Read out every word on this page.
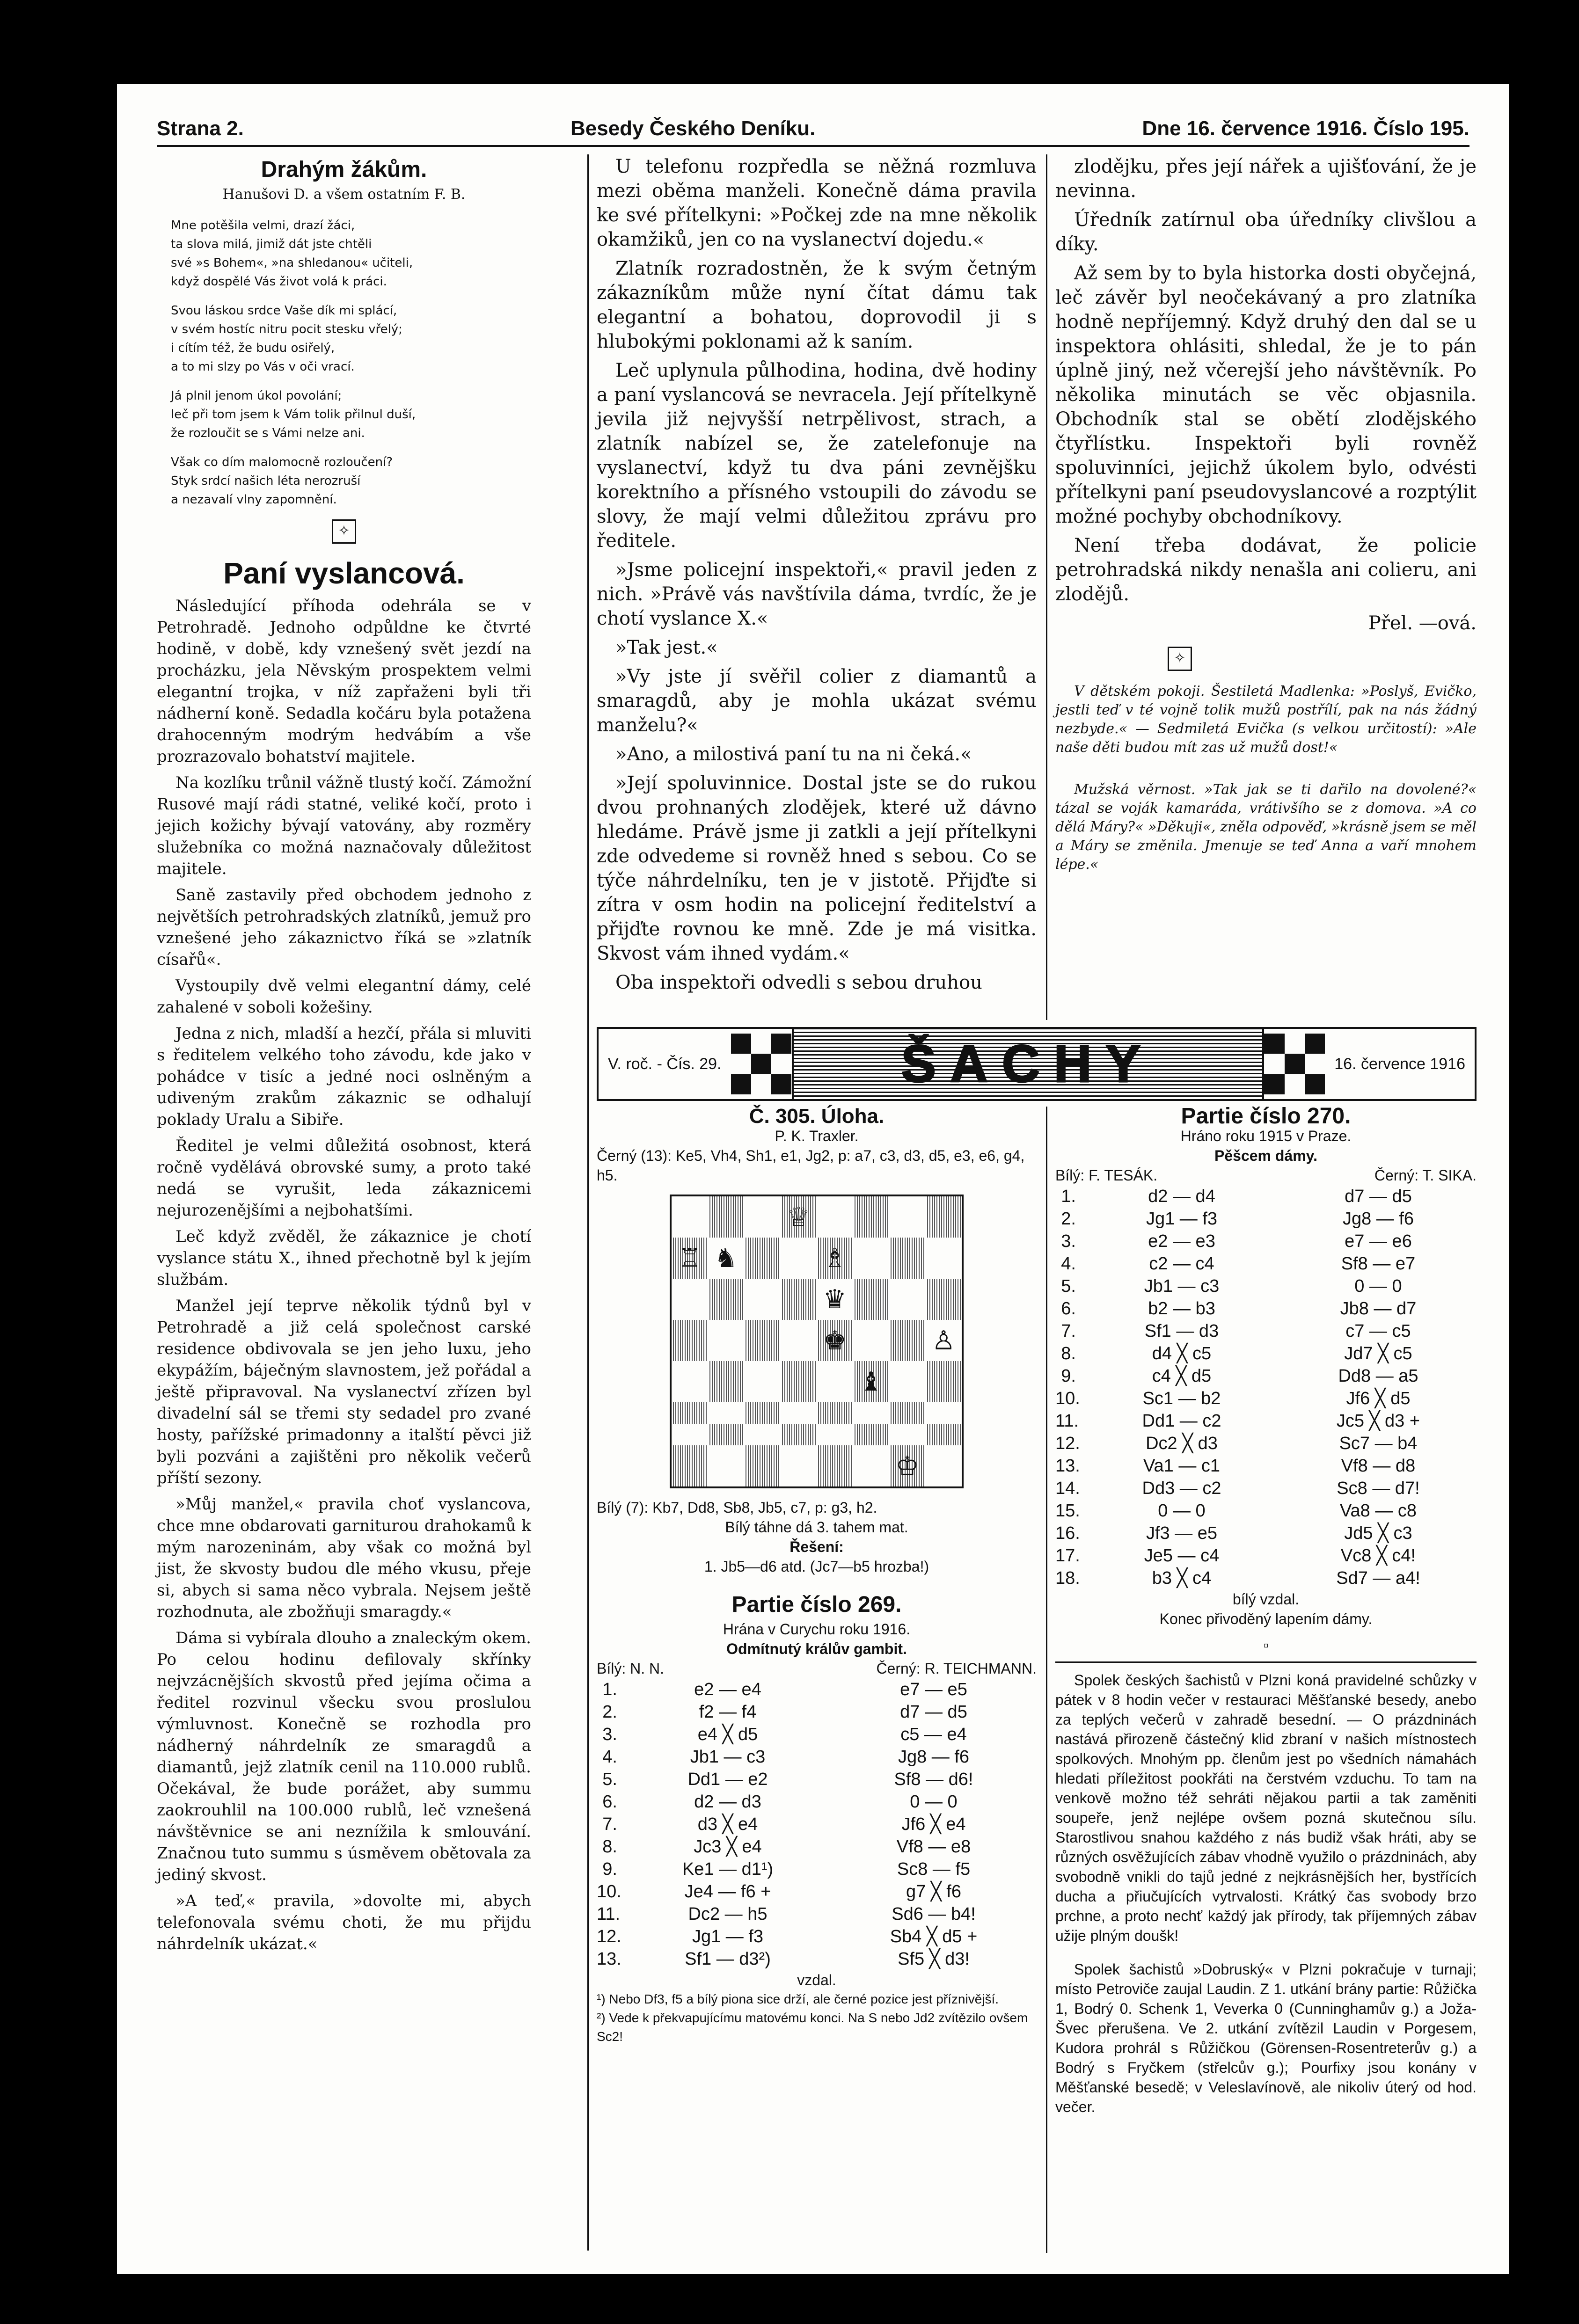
Strana 2.	Besedy Českého Deníku.	Dne 16. července 1916. Číslo 195.
Drahým žákům.
Hanušovi D. a všem ostatním F. B.
Mne potěšila velmi, drazí žáci,
ta slova milá, jimiž dát jste chtěli
své »s Bohem«, »na shledanou« učiteli,
když dospělé Vás život volá k práci.
Svou láskou srdce Vaše dík mi splácí,
v svém hostíc nitru pocit stesku vřelý;
i cítím též, že budu osiřelý,
a to mi slzy po Vás v oči vrací.
Já plnil jenom úkol povolání;
leč při tom jsem k Vám tolik přilnul duší,
že rozloučit se s Vámi nelze ani.
Však co dím malomocně rozloučení?
Styk srdcí našich léta nerozruší
a nezavalí vlny zapomnění.
✧
Paní vyslancová.

Následující příhoda odehrála se v Petrohradě. Jednoho odpůldne ke čtvrté hodině, v době, kdy vznešený svět jezdí na procházku, jela Něvským prospektem velmi elegantní trojka, v níž zapřaženi byli tři nádherní koně. Sedadla kočáru byla potažena drahocenným modrým hedvábím a vše prozrazovalo bohatství majitele.

Na kozlíku trůnil vážně tlustý kočí. Zámožní Rusové mají rádi statné, veliké kočí, proto i jejich kožichy bývají vatovány, aby rozměry služebníka co možná naznačovaly důležitost majitele.

Saně zastavily před obchodem jednoho z největších petrohradských zlatníků, jemuž pro vznešené jeho zákaznictvo říká se »zlatník císařů«.

Vystoupily dvě velmi elegantní dámy, celé zahalené v soboli kožešiny.

Jedna z nich, mladší a hezčí, přála si mluviti s ředitelem velkého toho závodu, kde jako v pohádce v tisíc a jedné noci oslněným a udiveným zrakům zákaznic se odhalují poklady Uralu a Sibiře.

Ředitel je velmi důležitá osobnost, která ročně vydělává obrovské sumy, a proto také nedá se vyrušit, leda zákaznicemi nejurozenějšími a nejbohatšími.

Leč když zvěděl, že zákaznice je chotí vyslance státu X., ihned přechotně byl k jejím službám.

Manžel její teprve několik týdnů byl v Petrohradě a již celá společnost carské residence obdivovala se jen jeho luxu, jeho ekypážím, báječným slavnostem, jež pořádal a ještě připravoval. Na vyslanectví zřízen byl divadelní sál se třemi sty sedadel pro zvané hosty, pařížské primadonny a italští pěvci již byli pozváni a zajištěni pro několik večerů příští sezony.

»Můj manžel,« pravila choť vyslancova, chce mne obdarovati garniturou drahokamů k mým narozeninám, aby však co možná byl jist, že skvosty budou dle mého vkusu, přeje si, abych si sama něco vybrala. Nejsem ještě rozhodnuta, ale zbožňuji smaragdy.«

Dáma si vybírala dlouho a znaleckým okem. Po celou hodinu defilovaly skřínky nejvzácnějších skvostů před jejíma očima a ředitel rozvinul všecku svou proslulou výmluvnost. Konečně se rozhodla pro nádherný náhrdelník ze smaragdů a diamantů, jejž zlatník cenil na 110.000 rublů. Očekával, že bude porážet, aby summu zaokrouhlil na 100.000 rublů, leč vznešená návštěvnice se ani neznížila k smlouvání. Značnou tuto summu s úsměvem obětovala za jediný skvost.

»A teď,« pravila, »dovolte mi, abych telefonovala svému choti, že mu přijdu náhrdelník ukázat.«

U telefonu rozpředla se něžná rozmluva mezi oběma manželi. Konečně dáma pravila ke své přítelkyni: »Počkej zde na mne několik okamžiků, jen co na vyslanectví dojedu.«

Zlatník rozradostněn, že k svým četným zákazníkům může nyní čítat dámu tak elegantní a bohatou, doprovodil ji s hlubokými poklonami až k saním.

Leč uplynula půlhodina, hodina, dvě hodiny a paní vyslancová se nevracela. Její přítelkyně jevila již nejvyšší netrpělivost, strach, a zlatník nabízel se, že zatelefonuje na vyslanectví, když tu dva páni zevnějšku korektního a přísného vstoupili do závodu se slovy, že mají velmi důležitou zprávu pro ředitele.

»Jsme policejní inspektoři,« pravil jeden z nich. »Právě vás navštívila dáma, tvrdíc, že je chotí vyslance X.«

»Tak jest.«

»Vy jste jí svěřil colier z diamantů a smaragdů, aby je mohla ukázat svému manželu?«

»Ano, a milostivá paní tu na ni čeká.«

»Její spoluvinnice. Dostal jste se do rukou dvou prohnaných zlodějek, které už dávno hledáme. Právě jsme ji zatkli a její přítelkyni zde odvedeme si rovněž hned s sebou. Co se týče náhrdelníku, ten je v jistotě. Přijďte si zítra v osm hodin na policejní ředitelství a přijďte rovnou ke mně. Zde je má visitka. Skvost vám ihned vydám.«

Oba inspektoři odvedli s sebou druhou

zlodějku, přes její nářek a ujišťování, že je nevinna.

Úředník zatírnul oba úředníky clivšlou a díky.

Až sem by to byla historka dosti obyčejná, leč závěr byl neočekávaný a pro zlatníka hodně nepříjemný. Když druhý den dal se u inspektora ohlásiti, shledal, že je to pán úplně jiný, než včerejší jeho návštěvník. Po několika minutách se věc objasnila. Obchodník stal se obětí zlodějského čtyřlístku. Inspektoři byli rovněž spoluvinníci, jejichž úkolem bylo, odvésti přítelkyni paní pseudovyslancové a rozptýlit možné pochyby obchodníkovy.

Není třeba dodávat, že policie petrohradská nikdy nenašla ani colieru, ani zlodějů.

Přel. —ová.
✧

V dětském pokoji. Šestiletá Madlenka: »Poslyš, Evičko, jestli teď v té vojně tolik mužů postřílí, pak na nás žádný nezbyde.« — Sedmiletá Evička (s velkou určitostí): »Ale naše děti budou mít zas už mužů dost!«

Mužská věrnost. »Tak jak se ti dařilo na dovolené?« tázal se voják kamaráda, vrátivšího se z domova. »A co dělá Máry?« »Děkuji«, zněla odpověď, »krásně jsem se měl a Máry se změnila. Jmenuje se teď Anna a vaří mnohem lépe.«

V. roč. - Čís. 29.	ŠACHY	16. července 1916
Č. 305. Úloha.
P. K. Traxler.
Černý (13): Ke5, Vh4, Sh1, e1, Jg2, p: a7, c3, d3, d5, e3, e6, g4, h5.
♕
♖ ♞	♗
♛
♚	♙
♝
♔
Bílý (7): Kb7, Dd8, Sb8, Jb5, c7, p: g3, h2.
Bílý táhne dá 3. tahem mat.
Řešení:
1. Jb5—d6 atd. (Jc7—b5 hrozba!)
Partie číslo 269.
Hrána v Curychu roku 1916.
Odmítnutý králův gambit.
Bílý: N. N.	Černý: R. TEICHMANN.
1.	e2 — e4	e7 — e5
2.	f2 — f4	d7 — d5
3.	e4 ╳ d5	c5 — e4
4.	Jb1 — c3	Jg8 — f6
5.	Dd1 — e2	Sf8 — d6!
6.	d2 — d3	0 — 0
7.	d3 ╳ e4	Jf6 ╳ e4
8.	Jc3 ╳ e4	Vf8 — e8
9.	Ke1 — d1¹)	Sc8 — f5
10.	Je4 — f6 +	g7 ╳ f6
11.	Dc2 — h5	Sd6 — b4!
12.	Jg1 — f3	Sb4 ╳ d5 +
13.	Sf1 — d3²)	Sf5 ╳ d3!
vzdal.
¹) Nebo Df3, f5 a bílý piona sice drží, ale černé pozice jest příznivější.
²) Vede k překvapujícímu matovému konci. Na S nebo Jd2 zvítězilo ovšem Sc2!
Partie číslo 270.
Hráno roku 1915 v Praze.
Pěšcem dámy.
Bílý: F. TESÁK.	Černý: T. SIKA.
1.	d2 — d4	d7 — d5
2.	Jg1 — f3	Jg8 — f6
3.	e2 — e3	e7 — e6
4.	c2 — c4	Sf8 — e7
5.	Jb1 — c3	0 — 0
6.	b2 — b3	Jb8 — d7
7.	Sf1 — d3	c7 — c5
8.	d4 ╳ c5	Jd7 ╳ c5
9.	c4 ╳ d5	Dd8 — a5
10.	Sc1 — b2	Jf6 ╳ d5
11.	Dd1 — c2	Jc5 ╳ d3 +
12.	Dc2 ╳ d3	Sc7 — b4
13.	Va1 — c1	Vf8 — d8
14.	Dd3 — c2	Sc8 — d7!
15.	0 — 0	Va8 — c8
16.	Jf3 — e5	Jd5 ╳ c3
17.	Je5 — c4	Vc8 ╳ c4!
18.	b3 ╳ c4	Sd7 — a4!
bílý vzdal.
Konec přivoděný lapením dámy.
▫

Spolek českých šachistů v Plzni koná pravidelné schůzky v pátek v 8 hodin večer v restauraci Měšťanské besedy, anebo za teplých večerů v zahradě besední. — O prázdninách nastává přirozeně částečný klid zbraní v našich místnostech spolkových. Mnohým pp. členům jest po všedních námahách hledati příležitost pookřáti na čerstvém vzduchu. To tam na venkově možno též sehráti nějakou partii a tak zaměniti soupeře, jenž nejlépe ovšem pozná skutečnou sílu. Starostlivou snahou každého z nás budiž však hráti, aby se různých osvěžujících zábav vhodně využilo o prázdninách, aby svobodně vnikli do tajů jedné z nejkrásnějších her, bystřících ducha a přiučujících vytrvalosti. Krátký čas svobody brzo prchne, a proto nechť každý jak přírody, tak příjemných zábav užije plným doušk!

Spolek šachistů »Dobruský« v Plzni pokračuje v turnaji; místo Petroviče zaujal Laudin. Z 1. utkání brány partie: Růžička 1, Bodrý 0. Schenk 1, Veverka 0 (Cunninghamův g.) a Joža-Švec přerušena. Ve 2. utkání zvítězil Laudin v Porgesem, Kudora prohrál s Růžičkou (Görensen-Rosentreterův g.) a Bodrý s Fryčkem (střelcův g.); Pourfixy jsou konány v Měšťanské besedě; v Veleslavínově, ale nikoliv úterý od hod. večer.
